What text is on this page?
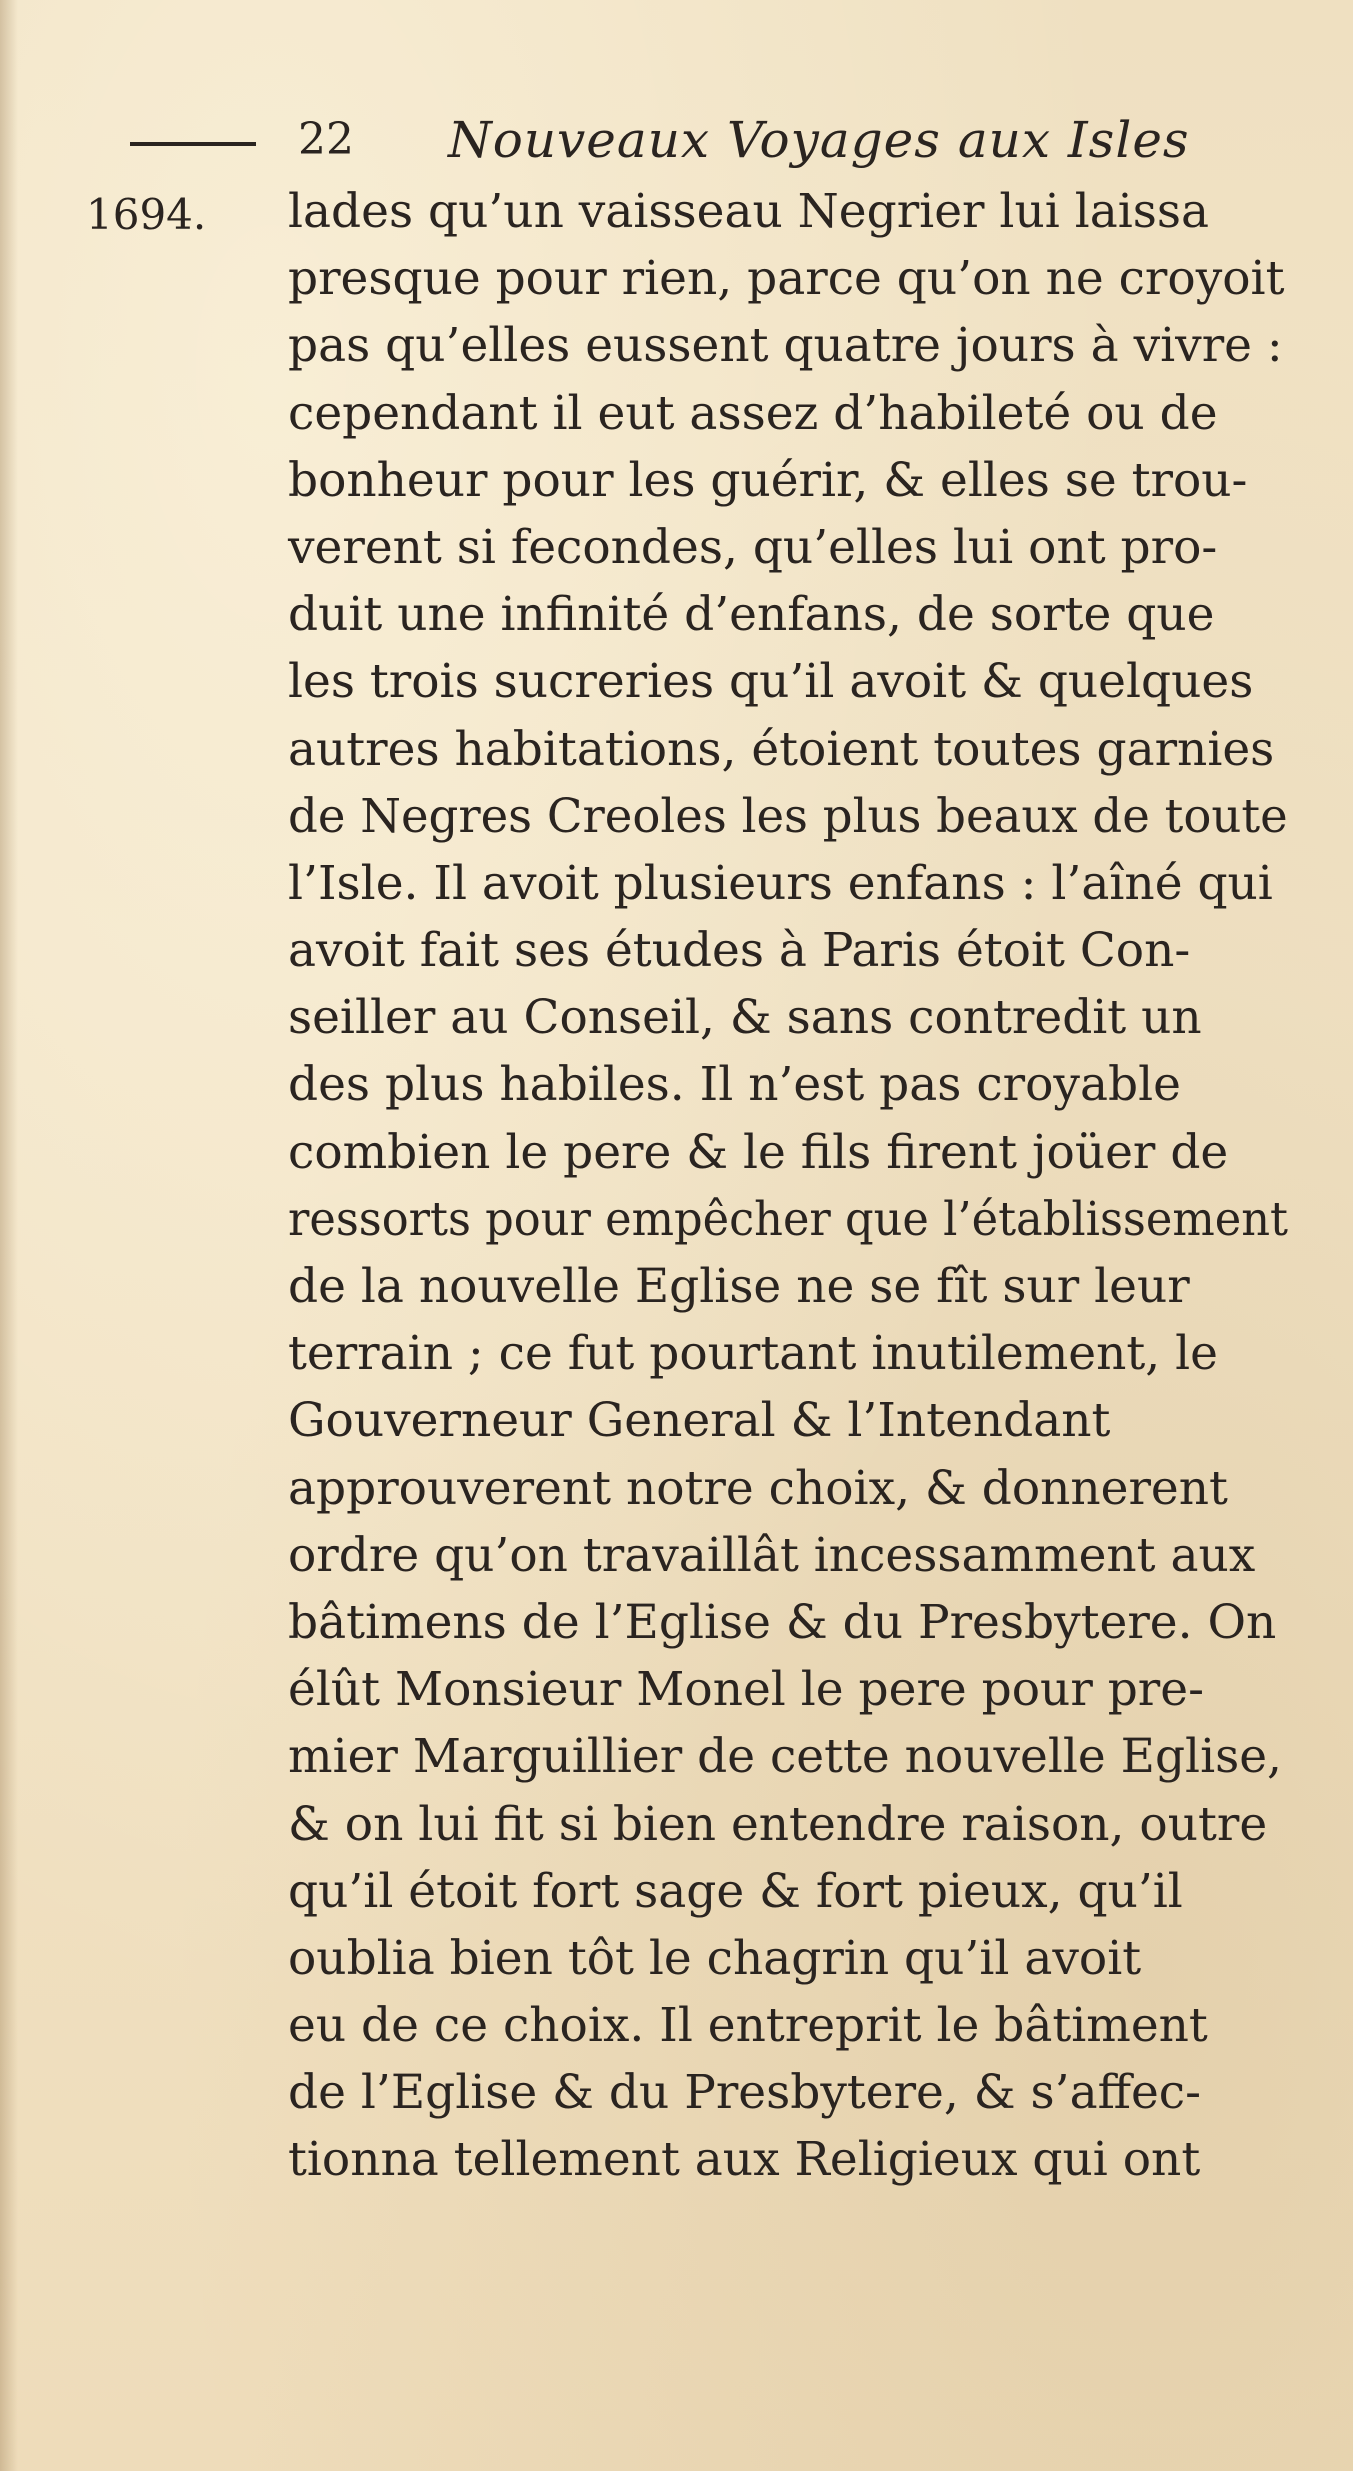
22 Nouveaux Voyages aux Isles
1694. lades qu’un vaisseau Negrier lui laissa
presque pour rien, parce qu’on ne croyoit
pas qu’elles eussent quatre jours à vivre :
cependant il eut assez d’habileté ou de
bonheur pour les guérir, & elles se trou-
verent si fecondes, qu’elles lui ont pro-
duit une infinité d’enfans, de sorte que
les trois sucreries qu’il avoit & quelques
autres habitations, étoient toutes garnies
de Negres Creoles les plus beaux de toute
l’Isle. Il avoit plusieurs enfans : l’aîné qui
avoit fait ses études à Paris étoit Con-
seiller au Conseil, & sans contredit un
des plus habiles. Il n’est pas croyable
combien le pere & le fils firent joüer de
ressorts pour empêcher que l’établissement
de la nouvelle Eglise ne se fît sur leur
terrain ; ce fut pourtant inutilement, le
Gouverneur General & l’Intendant
approuverent notre choix, & donnerent
ordre qu’on travaillât incessamment aux
bâtimens de l’Eglise & du Presbytere. On
élût Monsieur Monel le pere pour pre-
mier Marguillier de cette nouvelle Eglise,
& on lui fit si bien entendre raison, outre
qu’il étoit fort sage & fort pieux, qu’il
oublia bien tôt le chagrin qu’il avoit
eu de ce choix. Il entreprit le bâtiment
de l’Eglise & du Presbytere, & s’affec-
tionna tellement aux Religieux qui ont
